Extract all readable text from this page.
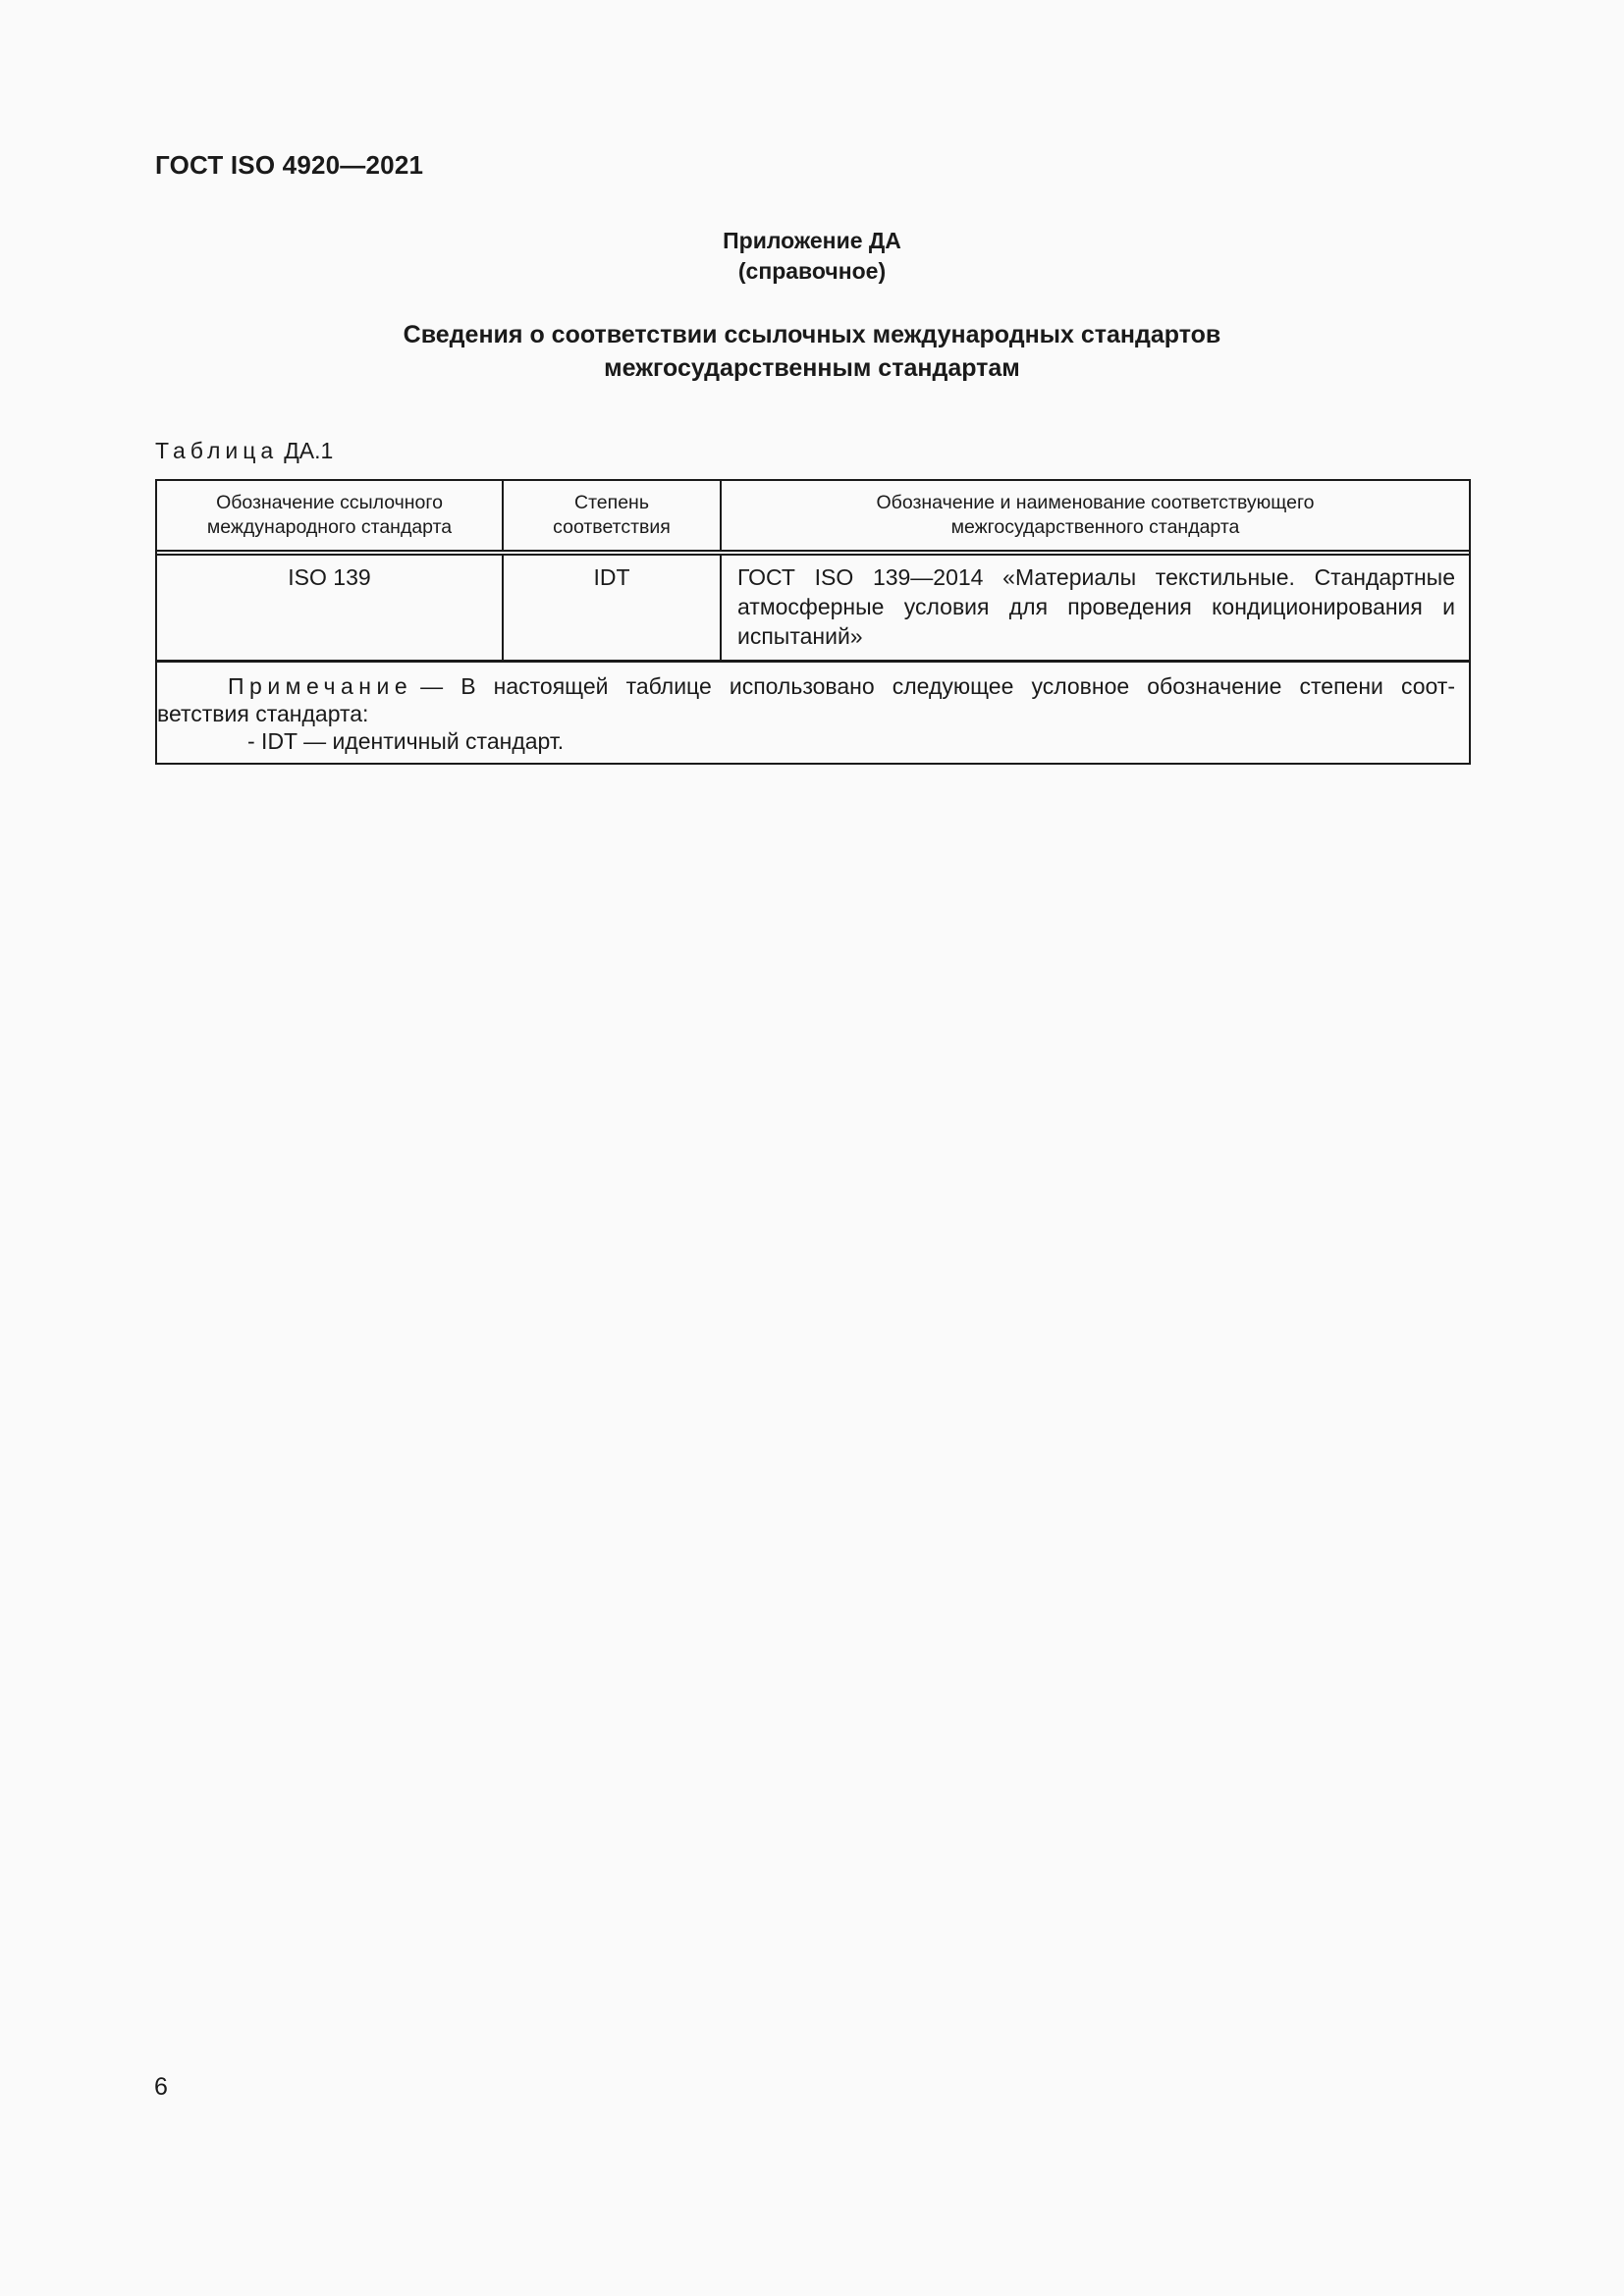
ГОСТ ISO 4920—2021
Приложение ДА
(справочное)
Сведения о соответствии ссылочных международных стандартов
межгосударственным стандартам
Таблица ДА.1
Обозначение ссылочного
международного стандарта
Степень
соответствия
Обозначение и наименование соответствующего
межгосударственного стандарта
ISO 139	IDT	ГОСТ ISO 139—2014 «Материалы текстильные. Стандартные атмосферные условия для проведения кондиционирования и испытаний»
Примечание — В настоящей таблице использовано следующее условное обозначение степени соот-
ветствия стандарта:
- IDT — идентичный стандарт.
6
